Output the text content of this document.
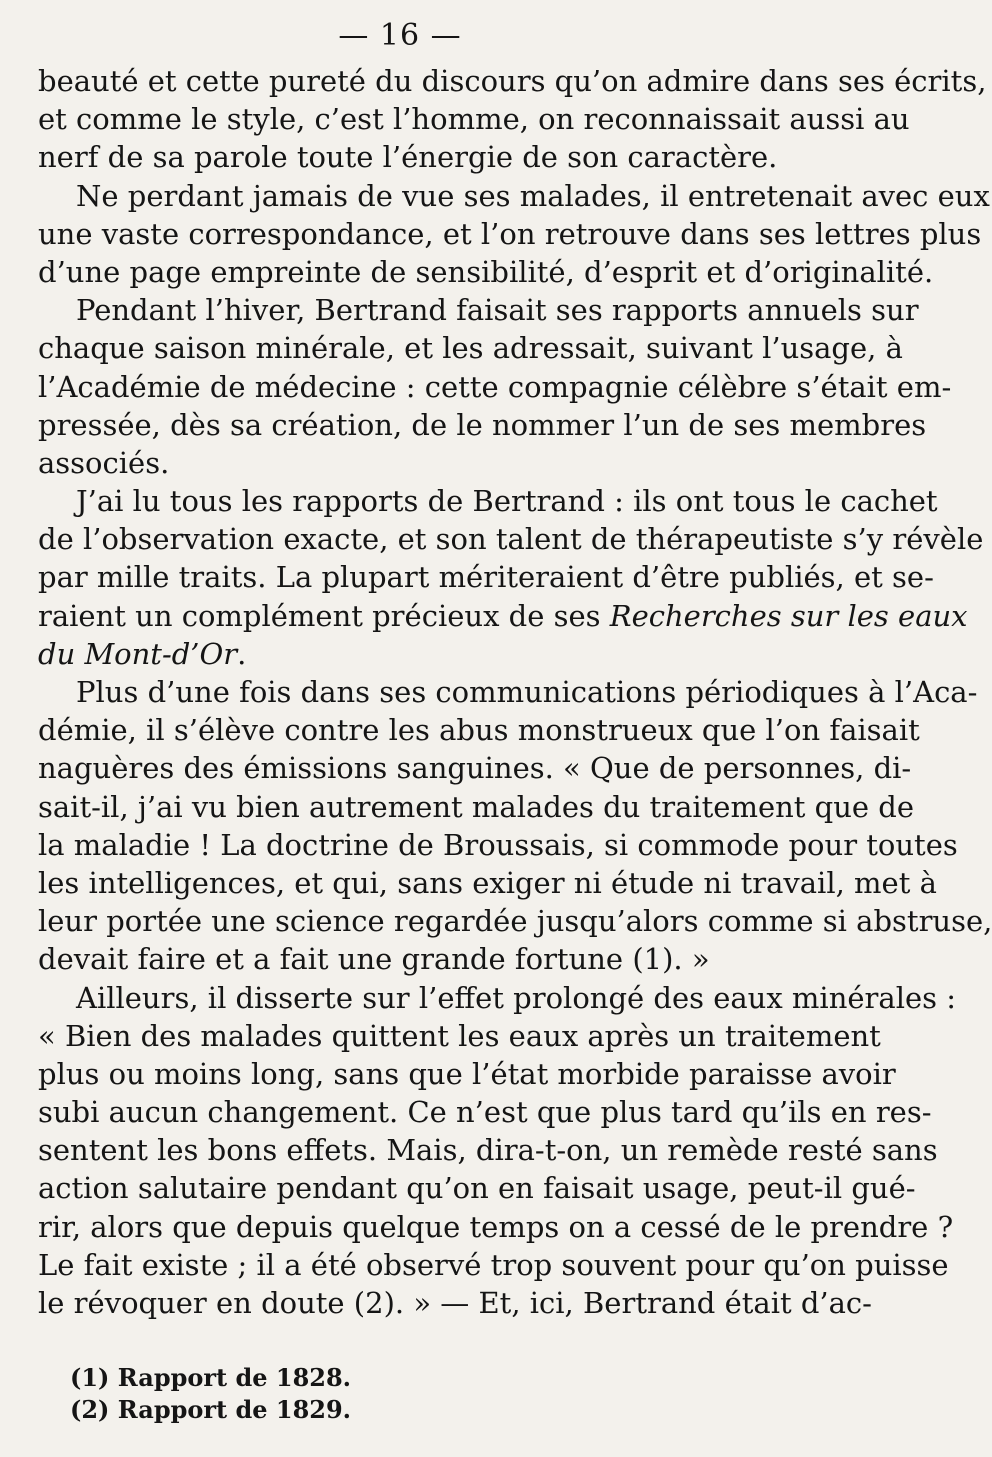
— 16 —
beauté et cette pureté du discours qu’on admire dans ses écrits,
et comme le style, c’est l’homme, on reconnaissait aussi au
nerf de sa parole toute l’énergie de son caractère.
Ne perdant jamais de vue ses malades, il entretenait avec eux
une vaste correspondance, et l’on retrouve dans ses lettres plus
d’une page empreinte de sensibilité, d’esprit et d’originalité.
Pendant l’hiver, Bertrand faisait ses rapports annuels sur
chaque saison minérale, et les adressait, suivant l’usage, à
l’Académie de médecine : cette compagnie célèbre s’était em-
pressée, dès sa création, de le nommer l’un de ses membres
associés.
J’ai lu tous les rapports de Bertrand : ils ont tous le cachet
de l’observation exacte, et son talent de thérapeutiste s’y révèle
par mille traits. La plupart mériteraient d’être publiés, et se-
raient un complément précieux de ses Recherches sur les eaux
du Mont-d’Or.
Plus d’une fois dans ses communications périodiques à l’Aca-
démie, il s’élève contre les abus monstrueux que l’on faisait
naguères des émissions sanguines. « Que de personnes, di-
sait-il, j’ai vu bien autrement malades du traitement que de
la maladie ! La doctrine de Broussais, si commode pour toutes
les intelligences, et qui, sans exiger ni étude ni travail, met à
leur portée une science regardée jusqu’alors comme si abstruse,
devait faire et a fait une grande fortune (1). »
Ailleurs, il disserte sur l’effet prolongé des eaux minérales :
« Bien des malades quittent les eaux après un traitement
plus ou moins long, sans que l’état morbide paraisse avoir
subi aucun changement. Ce n’est que plus tard qu’ils en res-
sentent les bons effets. Mais, dira-t-on, un remède resté sans
action salutaire pendant qu’on en faisait usage, peut-il gué-
rir, alors que depuis quelque temps on a cessé de le prendre ?
Le fait existe ; il a été observé trop souvent pour qu’on puisse
le révoquer en doute (2). » — Et, ici, Bertrand était d’ac-
(1) Rapport de 1828.
(2) Rapport de 1829.
